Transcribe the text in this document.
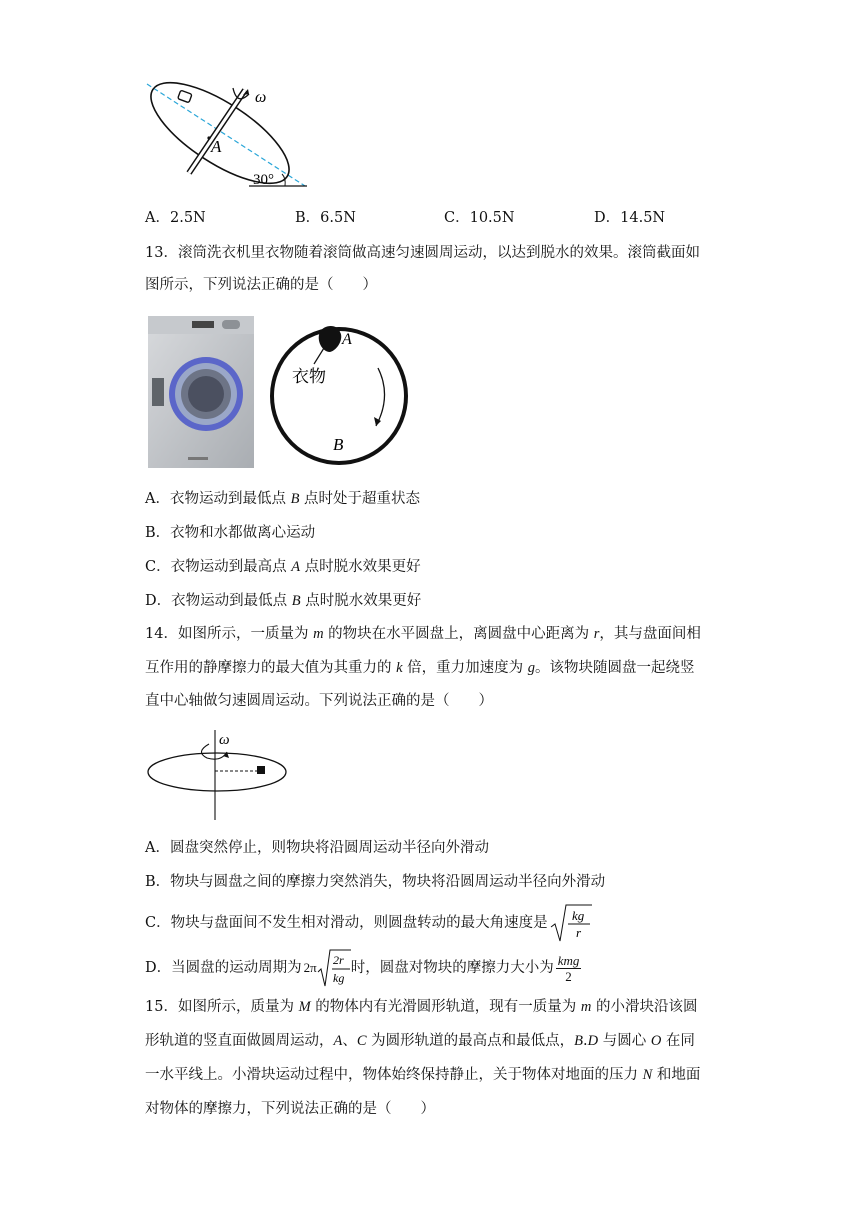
A
ω
30°
A．2.5N	B．6.5N	C．10.5N	D．14.5N
13．滚筒洗衣机里衣物随着滚筒做高速匀速圆周运动，以达到脱水的效果。滚筒截面如
图所示，下列说法正确的是（　　）
A
衣物
B
A．衣物运动到最低点 B 点时处于超重状态
B．衣物和水都做离心运动
C．衣物运动到最高点 A 点时脱水效果更好
D．衣物运动到最低点 B 点时脱水效果更好
14．如图所示，一质量为 m 的物块在水平圆盘上，离圆盘中心距离为 r，其与盘面间相
互作用的静摩擦力的最大值为其重力的 k 倍，重力加速度为 g。该物块随圆盘一起绕竖
直中心轴做匀速圆周运动。下列说法正确的是（　　）
ω
A．圆盘突然停止，则物块将沿圆周运动半径向外滑动
B．物块与圆盘之间的摩擦力突然消失，物块将沿圆周运动半径向外滑动
C．物块与盘面间不发生相对滑动，则圆盘转动的最大角速度是 kg
r
D．当圆盘的运动周期为 2π 2r
kg
时，圆盘对物块的摩擦力大小为 $\frac{\text{kmg}}{2}$
15．如图所示，质量为 M 的物体内有光滑圆形轨道，现有一质量为 m 的小滑块沿该圆
形轨道的竖直面做圆周运动，A、C 为圆形轨道的最高点和最低点，B.D 与圆心 O 在同
一水平线上。小滑块运动过程中，物体始终保持静止，关于物体对地面的压力 N 和地面
对物体的摩擦力，下列说法正确的是（　　）
